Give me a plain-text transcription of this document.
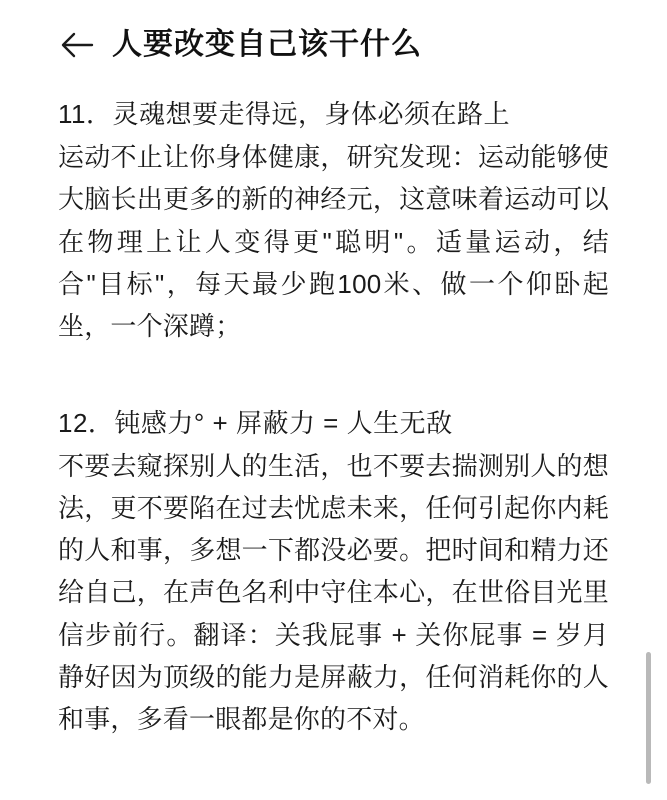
人要改变自己该干什么
11．灵魂想要走得远，身体必须在路上
运动不止让你身体健康，研究发现：运动能够使大脑长出更多的新的神经元，这意味着运动可以在物理上让人变得更"聪明"。适量运动，结合"目标"，每天最少跑100米、做一个仰卧起坐，一个深蹲；
12．钝感力° + 屏蔽力 = 人生无敌
不要去窥探别人的生活，也不要去揣测别人的想法，更不要陷在过去忧虑未来，任何引起你内耗的人和事，多想一下都没必要。把时间和精力还给自己，在声色名利中守住本心，在世俗目光里信步前行。翻译：关我屁事 + 关你屁事 = 岁月静好因为顶级的能力是屏蔽力，任何消耗你的人和事，多看一眼都是你的不对。
